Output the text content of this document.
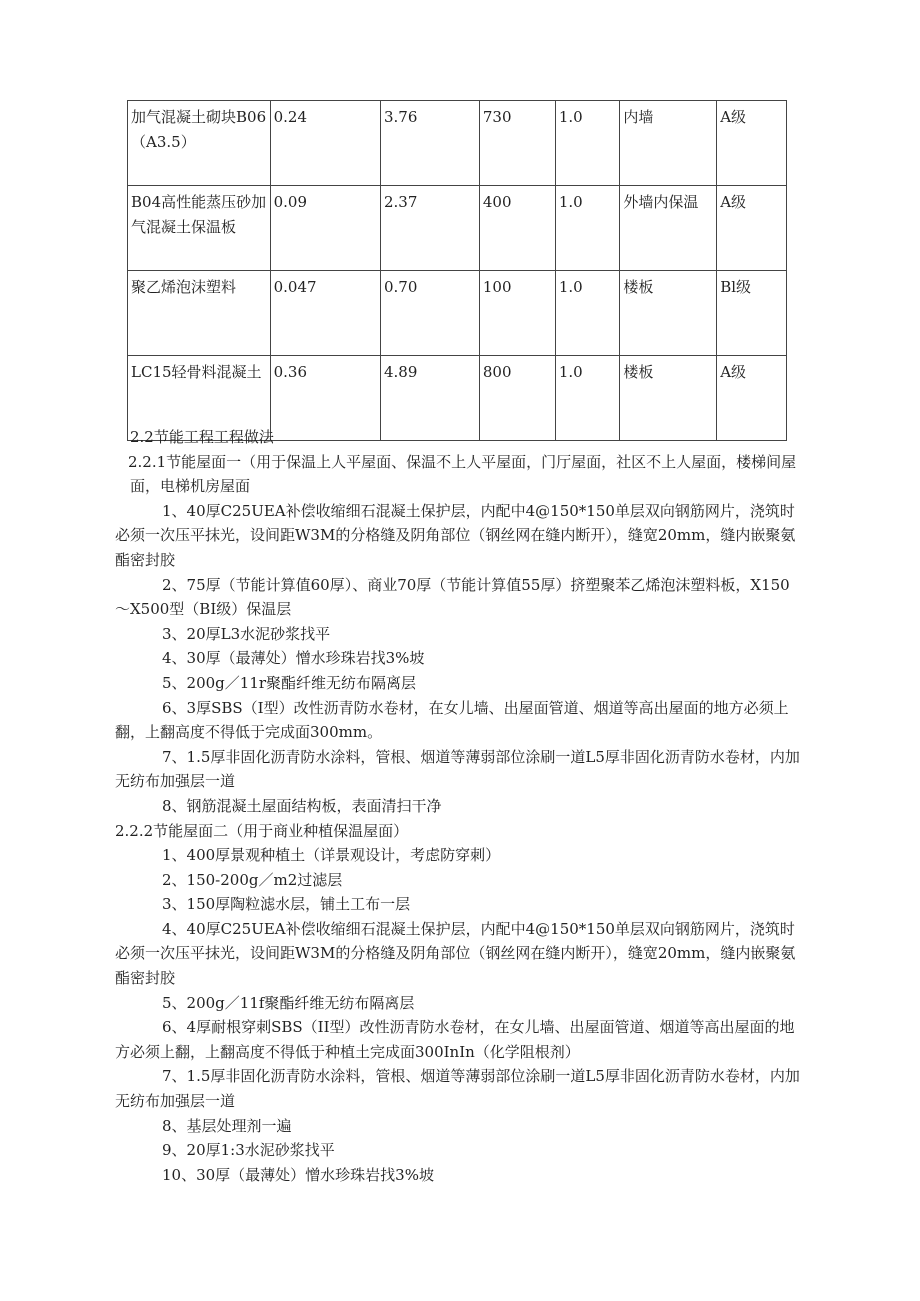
加气混凝土砌块B06（A3.5）	0.24	3.76	730	1.0	内墙	A级
B04高性能蒸压砂加气混凝土保温板	0.09	2.37	400	1.0	外墙内保温	A级
聚乙烯泡沫塑料	0.047	0.70	100	1.0	楼板	Bl级
LC15轻骨料混凝土	0.36	4.89	800	1.0	楼板	A级

2.2节能工程工程做法

2.2.1节能屋面一（用于保温上人平屋面、保温不上人平屋面，门厅屋面，社区不上人屋面，楼梯间屋面，电梯机房屋面

1、40厚C25UEA补偿收缩细石混凝土保护层，内配中4@150*150单层双向钢筋网片，浇筑时必须一次压平抹光，设间距W3M的分格缝及阴角部位（钢丝网在缝内断开），缝宽20mm，缝内嵌聚氨酯密封胶

2、75厚（节能计算值60厚）、商业70厚（节能计算值55厚）挤塑聚苯乙烯泡沫塑料板，X150～X500型（BI级）保温层

3、20厚L3水泥砂浆找平

4、30厚（最薄处）憎水珍珠岩找3%坡

5、200g／11r聚酯纤维无纺布隔离层

6、3厚SBS（I型）改性沥青防水卷材，在女儿墙、出屋面管道、烟道等高出屋面的地方必须上翻，上翻高度不得低于完成面300mm。

7、1.5厚非固化沥青防水涂料，管根、烟道等薄弱部位涂刷一道L5厚非固化沥青防水卷材，内加无纺布加强层一道

8、钢筋混凝土屋面结构板，表面清扫干净

2.2.2节能屋面二（用于商业种植保温屋面）

1、400厚景观种植土（详景观设计，考虑防穿刺）

2、150-200g／m2过滤层

3、150厚陶粒滤水层，铺土工布一层

4、40厚C25UEA补偿收缩细石混凝土保护层，内配中4@150*150单层双向钢筋网片，浇筑时必须一次压平抹光，设间距W3M的分格缝及阴角部位（钢丝网在缝内断开），缝宽20mm，缝内嵌聚氨酯密封胶

5、200g／11f聚酯纤维无纺布隔离层

6、4厚耐根穿刺SBS（II型）改性沥青防水卷材，在女儿墙、出屋面管道、烟道等高出屋面的地方必须上翻，上翻高度不得低于种植土完成面300InIn（化学阻根剂）

7、1.5厚非固化沥青防水涂料，管根、烟道等薄弱部位涂刷一道L5厚非固化沥青防水卷材，内加无纺布加强层一道

8、基层处理剂一遍

9、20厚1:3水泥砂浆找平

10、30厚（最薄处）憎水珍珠岩找3%坡
